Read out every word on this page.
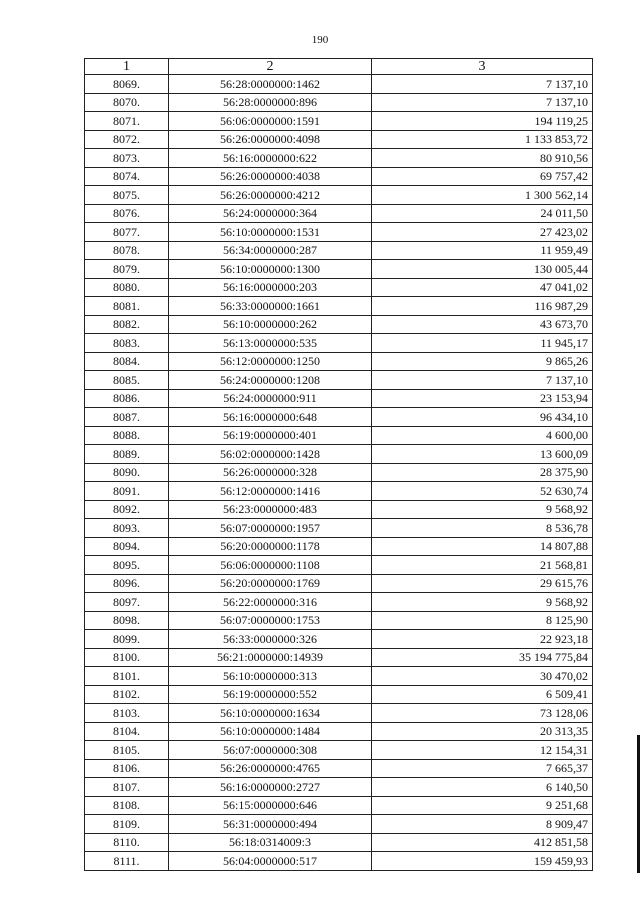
190
1	2	3
8069.	56:28:0000000:1462	7 137,10
8070.	56:28:0000000:896	7 137,10
8071.	56:06:0000000:1591	194 119,25
8072.	56:26:0000000:4098	1 133 853,72
8073.	56:16:0000000:622	80 910,56
8074.	56:26:0000000:4038	69 757,42
8075.	56:26:0000000:4212	1 300 562,14
8076.	56:24:0000000:364	24 011,50
8077.	56:10:0000000:1531	27 423,02
8078.	56:34:0000000:287	11 959,49
8079.	56:10:0000000:1300	130 005,44
8080.	56:16:0000000:203	47 041,02
8081.	56:33:0000000:1661	116 987,29
8082.	56:10:0000000:262	43 673,70
8083.	56:13:0000000:535	11 945,17
8084.	56:12:0000000:1250	9 865,26
8085.	56:24:0000000:1208	7 137,10
8086.	56:24:0000000:911	23 153,94
8087.	56:16:0000000:648	96 434,10
8088.	56:19:0000000:401	4 600,00
8089.	56:02:0000000:1428	13 600,09
8090.	56:26:0000000:328	28 375,90
8091.	56:12:0000000:1416	52 630,74
8092.	56:23:0000000:483	9 568,92
8093.	56:07:0000000:1957	8 536,78
8094.	56:20:0000000:1178	14 807,88
8095.	56:06:0000000:1108	21 568,81
8096.	56:20:0000000:1769	29 615,76
8097.	56:22:0000000:316	9 568,92
8098.	56:07:0000000:1753	8 125,90
8099.	56:33:0000000:326	22 923,18
8100.	56:21:0000000:14939	35 194 775,84
8101.	56:10:0000000:313	30 470,02
8102.	56:19:0000000:552	6 509,41
8103.	56:10:0000000:1634	73 128,06
8104.	56:10:0000000:1484	20 313,35
8105.	56:07:0000000:308	12 154,31
8106.	56:26:0000000:4765	7 665,37
8107.	56:16:0000000:2727	6 140,50
8108.	56:15:0000000:646	9 251,68
8109.	56:31:0000000:494	8 909,47
8110.	56:18:0314009:3	412 851,58
8111.	56:04:0000000:517	159 459,93
